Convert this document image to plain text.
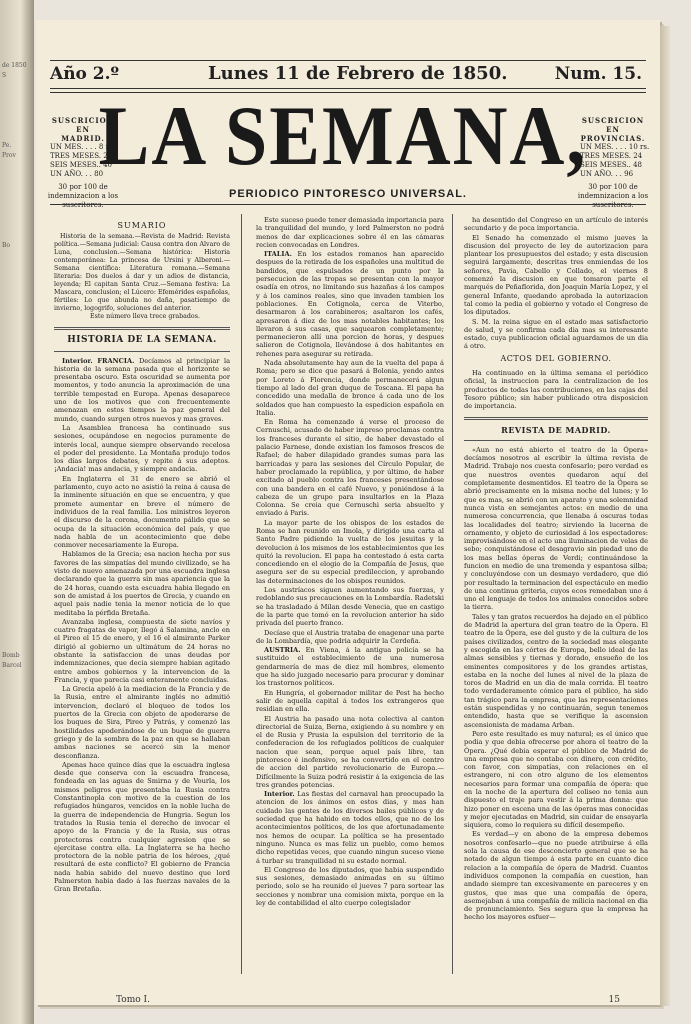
de 1850
S
Pe.
Prov
Bo
Bomb
Barcel
Año 2.º	Lunes 11 de Febrero de 1850.	Num. 15.
SUSCRICION
EN
MADRID.
UN MES. . . . 8 rs.
TRES MESES. 20
SEIS MESES.. 40
UN AÑO. . . 80
30 por 100 de indemnizacion a los suscritores.
LA SEMANA,
SUSCRICION
EN
PROVINCIAS.
UN MES. . . . 10 rs.
TRES MESES. 24
SEIS MESES.. 48
UN AÑO. . . 96
30 por 100 de indemnizacion a los suscritores.
PERIODICO PINTORESCO UNIVERSAL.
SUMARIO
Historia de la semana.—Revista de Madrid: Revista política.—Semana judicial: Causa contra don Alvaro de Luna, conclusion.—Semana histórica: Historia contemporánea: La princesa de Ursini y Alberoni.—Semana científica: Literatura romana.—Semana literaria: Dos duelos á dar y un adios de distancia, leyenda; El capitan Santa Cruz.—Semana festiva: La Mascara, conclusion; el Lúcero: Efemérides españolas, fértiles: Lo que abunda no daña, pasatiempo de invierno, logogrifo, soluciones del anterior.
Este número lleva trece grabados.
HISTORIA DE LA SEMANA.

Interior. FRANCIA. Decíamos al principiar la historia de la semana pasada que el horizonte se presentaba oscuro. Esta oscuridad se aumenta por momentos, y todo anuncia la aproximación de una terrible tempestad en Europa. Apenas desaparece uno de los motivos que con frecuentemente amenazan en estos tiempos la paz general del mundo, cuando surgen otros nuevos y mas graves.

La Asamblea francesa ha continuado sus sesiones, ocupándose en negocios puramente de interés local, aunque siempre observando recelosa el poder del presidente. La Montaña produjo todos los días largos debates, y repite á sus adeptos. ¡Andacia! mas andacia, y siempre andacia.

En Inglaterra el 31 de enero se abrió el parlamento, cuyo acto no asistió la reina á causa de la inminente situación en que se encuentra, y que promete aumentar en breve el número de individuos de la real familia. Los ministros leyeron el discurso de la corona, documento pálido que se ocupa de la situación económica del país, y que nada habla de un acontecimiento que debe conmover necesariamente la Europa.

Hablamos de la Grecia; esa nacion hecha por sus favores de las simpatías del mundo civilizado, se ha visto de nuevo amenazada por una escuadra inglesa declarando que la guerra sin mas apariencia que la de 24 horas, cuando esta escuadra habia llegado en son de amistad á los puertos de Grecia, y cuando en aquel pais nadie tenia la menor noticia de lo que meditaba la pérfida Bretaña.

Avanzaba inglesa, compuesta de siete navíos y cuatro fragatas de vapor, llegó á Salamina, anclo en el Pireo el 15 de enero, y el 16 el almirante Parker dirigió al gobierno un ultimátum de 24 horas no obstante la satisfaccion de unas deudas por indemnizaciones, que decia siempre habian agitado entre ambos gobiernos y la intervencion de la Francia, y que parecia casi enteramente concluidas.

La Grecia apeló á la mediacion de la Francia y de la Rusia, entre el almirante inglés no admitió intervencion, declaró el bloqueo de todos los puertos de la Grecia con objeto de apoderarse de los buques de Sira, Pireo y Patrás, y comenzó las hostilidades apoderándose de un buque de guerra griego y de la sombra de la paz en que se hallaban ambas naciones se acercó sin la menor desconfianza.

Apenas hace quince días que la escuadra inglesa desde que conserva con la escuadra francesa, fondeada en las aguas de Smirna y de Vourla, los mismos peligros que presentaba la Rusia contra Constantinopla con motivo de la cuestion de los refugiados húngaros, vencidos en la noble lucha de la guerra de independencia de Hungria. Segun los tratados la Rusia tenia el derecho de invocar el apoyo de la Francia y de la Rusia, sus otras protectoras contra cualquier agresion que se ejercitase contra ella. La Inglaterra se ha hecho protectora de la noble patria de los héroes, ¿qué resultará de este conflicto? El gobierno de Francia nada habia sabido del nuevo destino que lord Palmerston habia dado á las fuerzas navales de la Gran Bretaña.

Este suceso puede tener demasiada importancia para la tranquilidad del mundo, y lord Palmerston no podrá menos de dar explicaciones sobre él en las cámaras recien convocadas en Londres.

ITALIA. En los estados romanos han aparecido despues de la retirada de los españoles una multitud de bandidos, que espulsados de un punto por la persecucion de las tropas se presentan con la mayor osadía en otros, no limitando sus hazañas á los campos y á los caminos reales, sino que invaden tambien los poblaciones. En Cotignola, cerca de Viterbo, desarmaron á los carabineros; asaltaron los cafés, apresaron á diez de los mas notables habitantes; los llevaron á sus casas, que saquearon completamente; permanecieron allí una porcion de horas, y despues salieron de Cotignola, llevándose á dos habitantes en rehenes para asegurar su retirada.

Nada absolutamente hay aun de la vuelta del papa á Roma; pero se dice que pasará á Bolonia, yendo antes por Loreto á Florencia, donde permanecerá algun tiempo al lado del gran duque de Toscana. El papa ha concedido una medalla de bronce á cada uno de los soldados que han compuesto la espedicion española en Italia.

En Roma ha comenzado á verse el proceso de Cernuschi, acusado de haber impreso proclamas contra los franceses durante el sitio, de haber devastado el palacio Farnese, donde existian los famosos frescos de Rafael; de haber dilapidado grandes sumas para las barricadas y para las sesiones del Círculo Popular, de haber proclamado la república, y por último, de haber excitado al pueblo contra los franceses presentándose con una bandera en el café Nuevo, y poniéndose á la cabeza de un grupo para insultarlos en la Plaza Colonna. Se creia que Cernuschi seria absuelto y enviado á Paris.

La mayor parte de los obispos de los estados de Roma se han reunido en Imola, y dirigido una carta al Santo Padre pidiendo la vuelta de los jesuitas y la devolucion á los mismos de los establecimientos que les quitó la revolucion. El papa ha contestado á esta carta concediendo en el elogio de la Compañía de Jesus, que asegura ser de su especial predileccion, y aprobando las determinaciones de los obispos reunidos.

Los austríacos siguen aumentando sus fuerzas, y redoblando sus precauciones en la Lombardía. Radetski se ha trasladado á Milan desde Venecia, que en castigo de la parte que tomó en la revolucion anterior ha sido privada del puerto franco.

Decíase que el Austria trataba de enagenar una parte de la Lombardía, que podria adquirir la Cerdeña.

AUSTRIA. En Viena, á la antigua policía se ha sustituido el establecimiento de una numerosa gendarmería de mas de diez mil hombres, elemento que ha sido juzgado necesario para procurar y dominar los trastornos políticos.

En Hungría, el gobernador militar de Pest ha hecho salir de aquella capital á todos los extrangeros que residian en ella.

El Austria ha pasado una nota colectiva al canton directorial de Suiza, Berna, exigiendo á su nombre y en el de Rusia y Prusia la espulsion del territorio de la confederacion de los refugiados políticos de cualquier nacion que sean, porque aquel país libre, tan pintoresco é inofensivo, se ha convertido en el centro de accion del partido revolucionario de Europa.—Difícilmente la Suiza podrá resistir á la exigencia de las tres grandes potencias.

Interior. Las fiestas del carnaval han preocupado la atencion de los ánimos en estos dias, y mas han cuidado las gentes de los diversos bailes públicos y de sociedad que ha habido en todos ellos, que no de los acontecimientos políticos, de los que afortunadamente nos hemos de ocupar. La política se ha presentado ninguno. Nunca es mas feliz un pueblo, como hemos dicho repetidas veces, que cuando ningun suceso viene á turbar su tranquilidad ni su estado normal.

El Congreso de los diputados, que habia suspendido sus sesiones, demasiado animadas en su último periodo, solo se ha reunido el jueves 7 para sortear las secciones y nombrar una comision mixta, porque en la ley de contabilidad el alto cuerpo colegislador

ha desentido del Congreso en un artículo de interés secundario y de poca importancia.

El Senado ha comenzado el mismo jueves la discusion del proyecto de ley de autorizacion para plantear los presupuestos del estado; y esta discusion seguirá largamente, descritas tres enmiendas de los señores, Pavia, Cabello y Collado, el viernes 8 comenzó la discusion en que tomaron parte el marqués de Peñaflorida, don Joaquin María Lopez, y el general Infante, quedando aprobada la autorizacion tal como la pedia el gobierno y votado el Congreso de los diputados.

S. M. la reina sigue en el estado mas satisfactorio de salud, y se confirma cada dia mas su interesante estado, cuya publicacion oficial aguardamos de un dia á otro.

ACTOS DEL GOBIERNO.

Ha continuado en la última semana el periódico oficial, la instruccion para la centralizacion de los productos de todas las contribuciones, en las cajas del Tesoro público; sin haber publicado otra disposicion de importancia.

REVISTA DE MADRID.

«Aun no está abierto el teatro de la Ópera» decíamos nosotros al escribir la última revista de Madrid. Trabajo nos cuesta confesarlo; pero verdad es que nuestros oventes quedaron aquí del completamente desmentidos. El teatro de la Ópera se abrió precisamente en la misma noche del lunes; y lo que es mas, se abrió con un aparato y una solemnidad nunca vista en semejantes actos: en medio de una numerosa concurrencia, que llenaba á oscuras todas las localidades del teatro; sirviendo la lucerna de ornamento, y objeto de curiosidad á los espectadores: improvisándose en el acto una iluminacion de velas de sebo; conquistándose el desagravio sin piedad uno de los mas bellas óperas de Verdi; continuándose la funcion en medio de una tremenda y espantosa silba; y concluyéndose con un desmayo verdadero, que dió por resultado la terminacion del espectáculo en medio de una continua griteria, cuyos ecos remedaban uno á uno el lenguaje de todos los animales conocidos sobre la tierra.

Tales y tan gratos recuerdos ha dejado en el público de Madrid la apertura del gran teatro de la Ópera. El teatro de la Ópera, ese del gusto y de la cultura de los países civilizados, centro de la sociedad mas elegante y escogida en las córtes de Europa, bello ideal de las almas sensibles y tiernas y dorado, ensueño de los eminentes compositores y de los grandes artistas, estaba en la noche del lunes al nivel de la plaza de toros de Madrid en un dia de mala corrida. El teatro todo verdaderamente cómico para el público, ha sido tan trágico para la empresa, que las representaciones están suspendidas y no continuarán, segun tenemos entendido, hasta que se verifique la ascension ascensionista de madama Arban.

Pero este resultado es muy natural; es el único que podia y que debia ofrecerse por ahora el teatro de la Ópera. ¿Qué debia esperar el público de Madrid de una empresa que no contaba con dinero, con crédito, con favor, con simpatías, con relaciones en el estrangero, ni con otro alguno de los elementos necesarios para formar una compañía de ópera: que en la noche de la apertura del coliseo no tenia aun dispuesto el traje para vestir á la prima donna: que hizo poner en escena una de las óperas mas conocidas y mejor ejecutadas en Madrid, sin cuidar de ensayarla siquiera, como lo requiera su difícil desempeño.

Es verdad—y en abono de la empresa debemos nosotros confesarlo—que no puede atribuirse á ella sola la causa de ese desconcierto general que se ha notado de algun tiempo á esta parte en cuanto dice relacion a la compañía de ópera de Madrid. Cuantos individuos componen la compañía en cuestion, han andado siempre tan excesivamente en pareceres y en gustos, que mas que una compañía de ópera, asemejaban á una compañía de milicia nacional en dia de pronunciamiento. Ses segura que la empresa ha hecho los mayores esfuer—

Tomo I.	15
